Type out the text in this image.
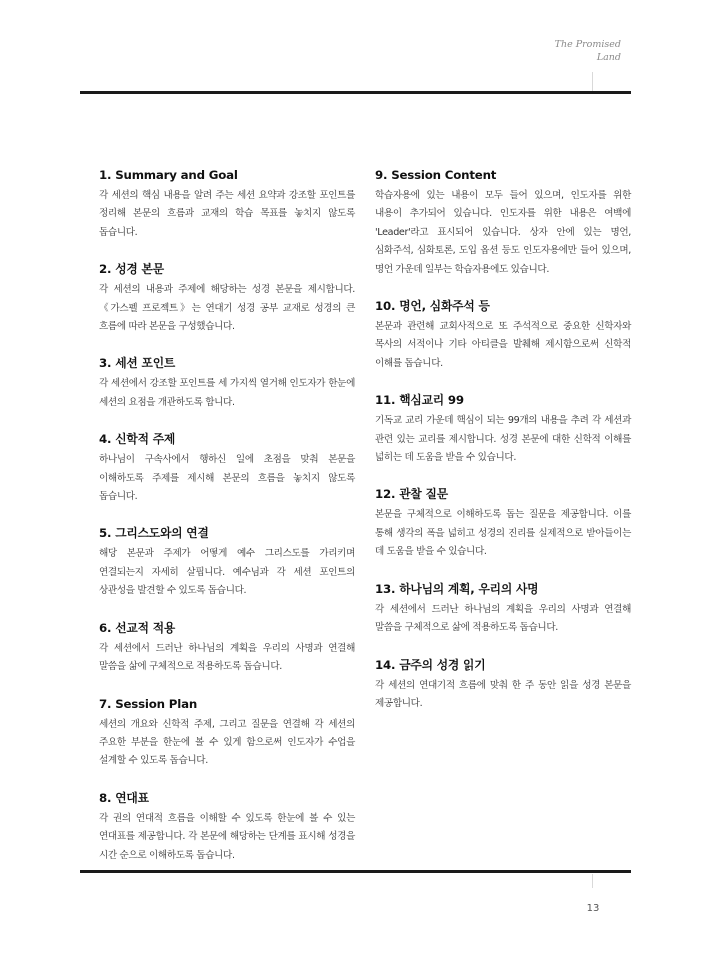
The Promised
Land
1. Summary and Goal

각 세션의 핵심 내용을 알려 주는 세션 요약과 강조할 포인트를 정리해 본문의 흐름과 교재의 학습 목표를 놓치지 않도록 돕습니다.

2. 성경 본문

각 세션의 내용과 주제에 해당하는 성경 본문을 제시합니다. 《가스펠 프로젝트》는 연대기 성경 공부 교재로 성경의 큰 흐름에 따라 본문을 구성했습니다.

3. 세션 포인트

각 세션에서 강조할 포인트를 세 가지씩 열거해 인도자가 한눈에 세션의 요점을 개관하도록 합니다.

4. 신학적 주제

하나님이 구속사에서 행하신 일에 초점을 맞춰 본문을 이해하도록 주제를 제시해 본문의 흐름을 놓치지 않도록 돕습니다.

5. 그리스도와의 연결

해당 본문과 주제가 어떻게 예수 그리스도를 가리키며 연결되는지 자세히 살핍니다. 예수님과 각 세션 포인트의 상관성을 발견할 수 있도록 돕습니다.

6. 선교적 적용

각 세션에서 드러난 하나님의 계획을 우리의 사명과 연결해 말씀을 삶에 구체적으로 적용하도록 돕습니다.

7. Session Plan

세션의 개요와 신학적 주제, 그리고 질문을 연결해 각 세션의 주요한 부분을 한눈에 볼 수 있게 함으로써 인도자가 수업을 설계할 수 있도록 돕습니다.

8. 연대표

각 권의 연대적 흐름을 이해할 수 있도록 한눈에 볼 수 있는 연대표를 제공합니다. 각 본문에 해당하는 단계를 표시해 성경을 시간 순으로 이해하도록 돕습니다.

9. Session Content

학습자용에 있는 내용이 모두 들어 있으며, 인도자를 위한 내용이 추가되어 있습니다. 인도자를 위한 내용은 여백에 'Leader'라고 표시되어 있습니다. 상자 안에 있는 명언, 심화주석, 심화토론, 도입 옵션 등도 인도자용에만 들어 있으며, 명언 가운데 일부는 학습자용에도 있습니다.

10. 명언, 심화주석 등

본문과 관련해 교회사적으로 또 주석적으로 중요한 신학자와 목사의 서적이나 기타 아티클을 발췌해 제시함으로써 신학적 이해를 돕습니다.

11. 핵심교리 99

기독교 교리 가운데 핵심이 되는 99개의 내용을 추려 각 세션과 관련 있는 교리를 제시합니다. 성경 본문에 대한 신학적 이해를 넓히는 데 도움을 받을 수 있습니다.

12. 관찰 질문

본문을 구체적으로 이해하도록 돕는 질문을 제공합니다. 이를 통해 생각의 폭을 넓히고 성경의 진리를 실제적으로 받아들이는 데 도움을 받을 수 있습니다.

13. 하나님의 계획, 우리의 사명

각 세션에서 드러난 하나님의 계획을 우리의 사명과 연결해 말씀을 구체적으로 삶에 적용하도록 돕습니다.

14. 금주의 성경 읽기

각 세션의 연대기적 흐름에 맞춰 한 주 동안 읽을 성경 본문을 제공합니다.

13
